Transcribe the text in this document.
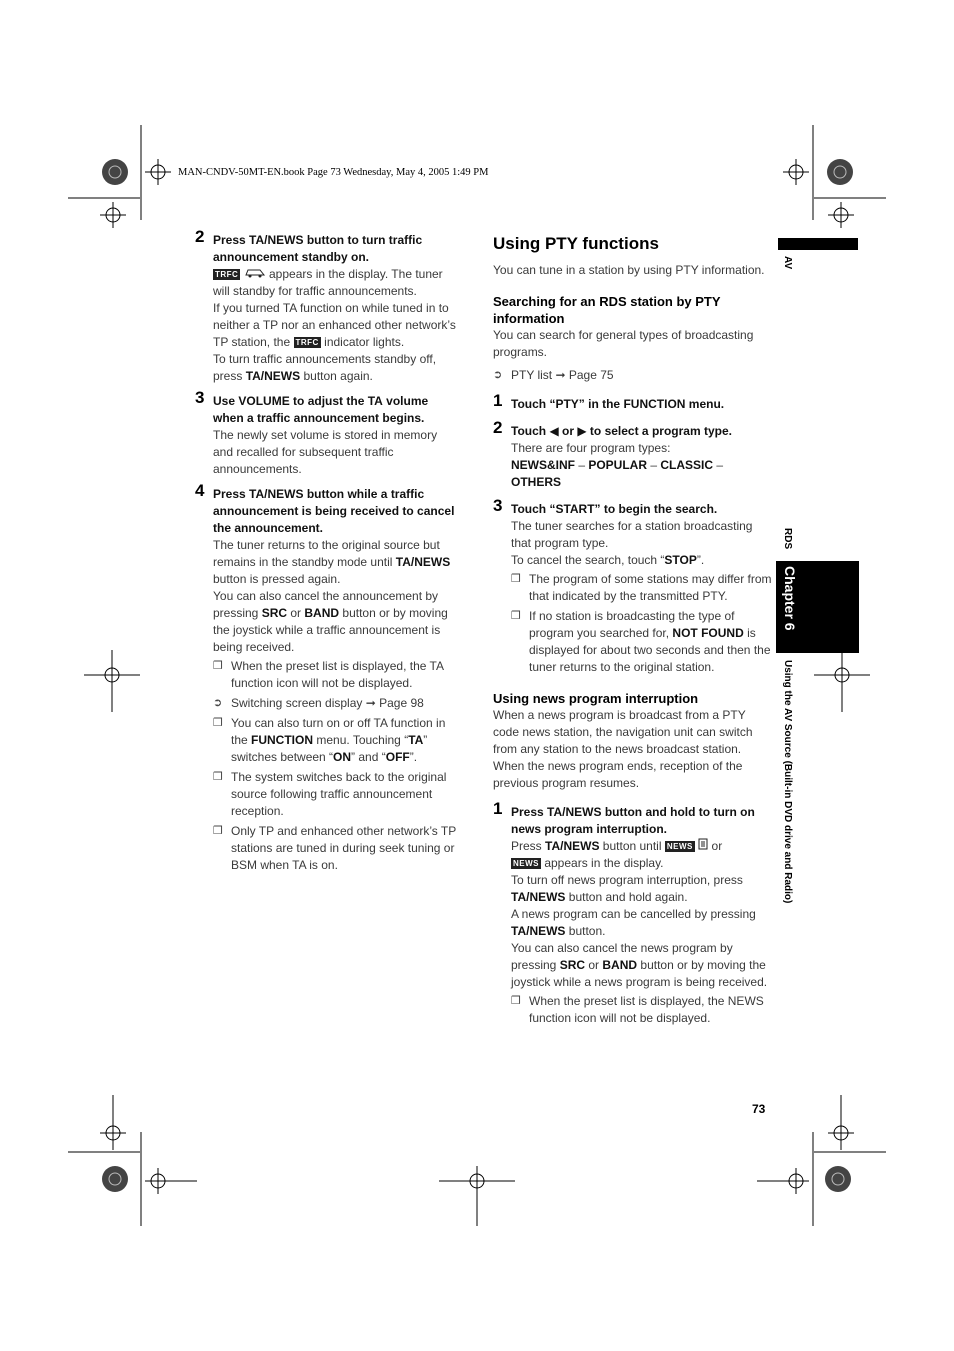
MAN-CNDV-50MT-EN.book Page 73 Wednesday, May 4, 2005 1:49 PM
2 Press TA/NEWS button to turn traffic announcement standby on.

TRFC  appears in the display. The tuner will standby for traffic announcements.

If you turned TA function on while tuned in to neither a TP nor an enhanced other network’s TP station, the TRFC indicator lights.

To turn traffic announcements standby off, press TA/NEWS button again.

3 Use VOLUME to adjust the TA volume when a traffic announcement begins.

The newly set volume is stored in memory and recalled for subsequent traffic announcements.

4 Press TA/NEWS button while a traffic announcement is being received to cancel the announcement.

The tuner returns to the original source but remains in the standby mode until TA/NEWS button is pressed again.

You can also cancel the announcement by pressing SRC or BAND button or by moving the joystick while a traffic announcement is being received.

❒ When the preset list is displayed, the TA function icon will not be displayed.
➲ Switching screen display ➞ Page 98
❒ You can also turn on or off TA function in the FUNCTION menu. Touching “TA” switches between “ON” and “OFF”.
❒ The system switches back to the original source following traffic announcement reception.
❒ Only TP and enhanced other network’s TP stations are tuned in during seek tuning or BSM when TA is on.
Using PTY functions

You can tune in a station by using PTY information.

Searching for an RDS station by PTY information

You can search for general types of broadcasting programs.

➲ PTY list ➞ Page 75
1 Touch “PTY” in the FUNCTION menu.
2 Touch ◀ or ▶ to select a program type.

There are four program types:

NEWS&INF – POPULAR – CLASSIC – OTHERS

3 Touch “START” to begin the search.

The tuner searches for a station broadcasting that program type.

To cancel the search, touch “STOP”.

❒ The program of some stations may differ from that indicated by the transmitted PTY.
❒ If no station is broadcasting the type of program you searched for, NOT FOUND is displayed for about two seconds and then the tuner returns to the original station.
Using news program interruption

When a news program is broadcast from a PTY code news station, the navigation unit can switch from any station to the news broadcast station. When the news program ends, reception of the previous program resumes.

1 Press TA/NEWS button and hold to turn on news program interruption.

Press TA/NEWS button until NEWS  or
NEWS appears in the display.

To turn off news program interruption, press TA/NEWS button and hold again.

A news program can be cancelled by pressing TA/NEWS button.

You can also cancel the news program by pressing SRC or BAND button or by moving the joystick while a news program is being received.

❒ When the preset list is displayed, the NEWS function icon will not be displayed.
AV
RDS
Chapter 6
Using the AV Source (Built-in DVD drive and Radio)
73
